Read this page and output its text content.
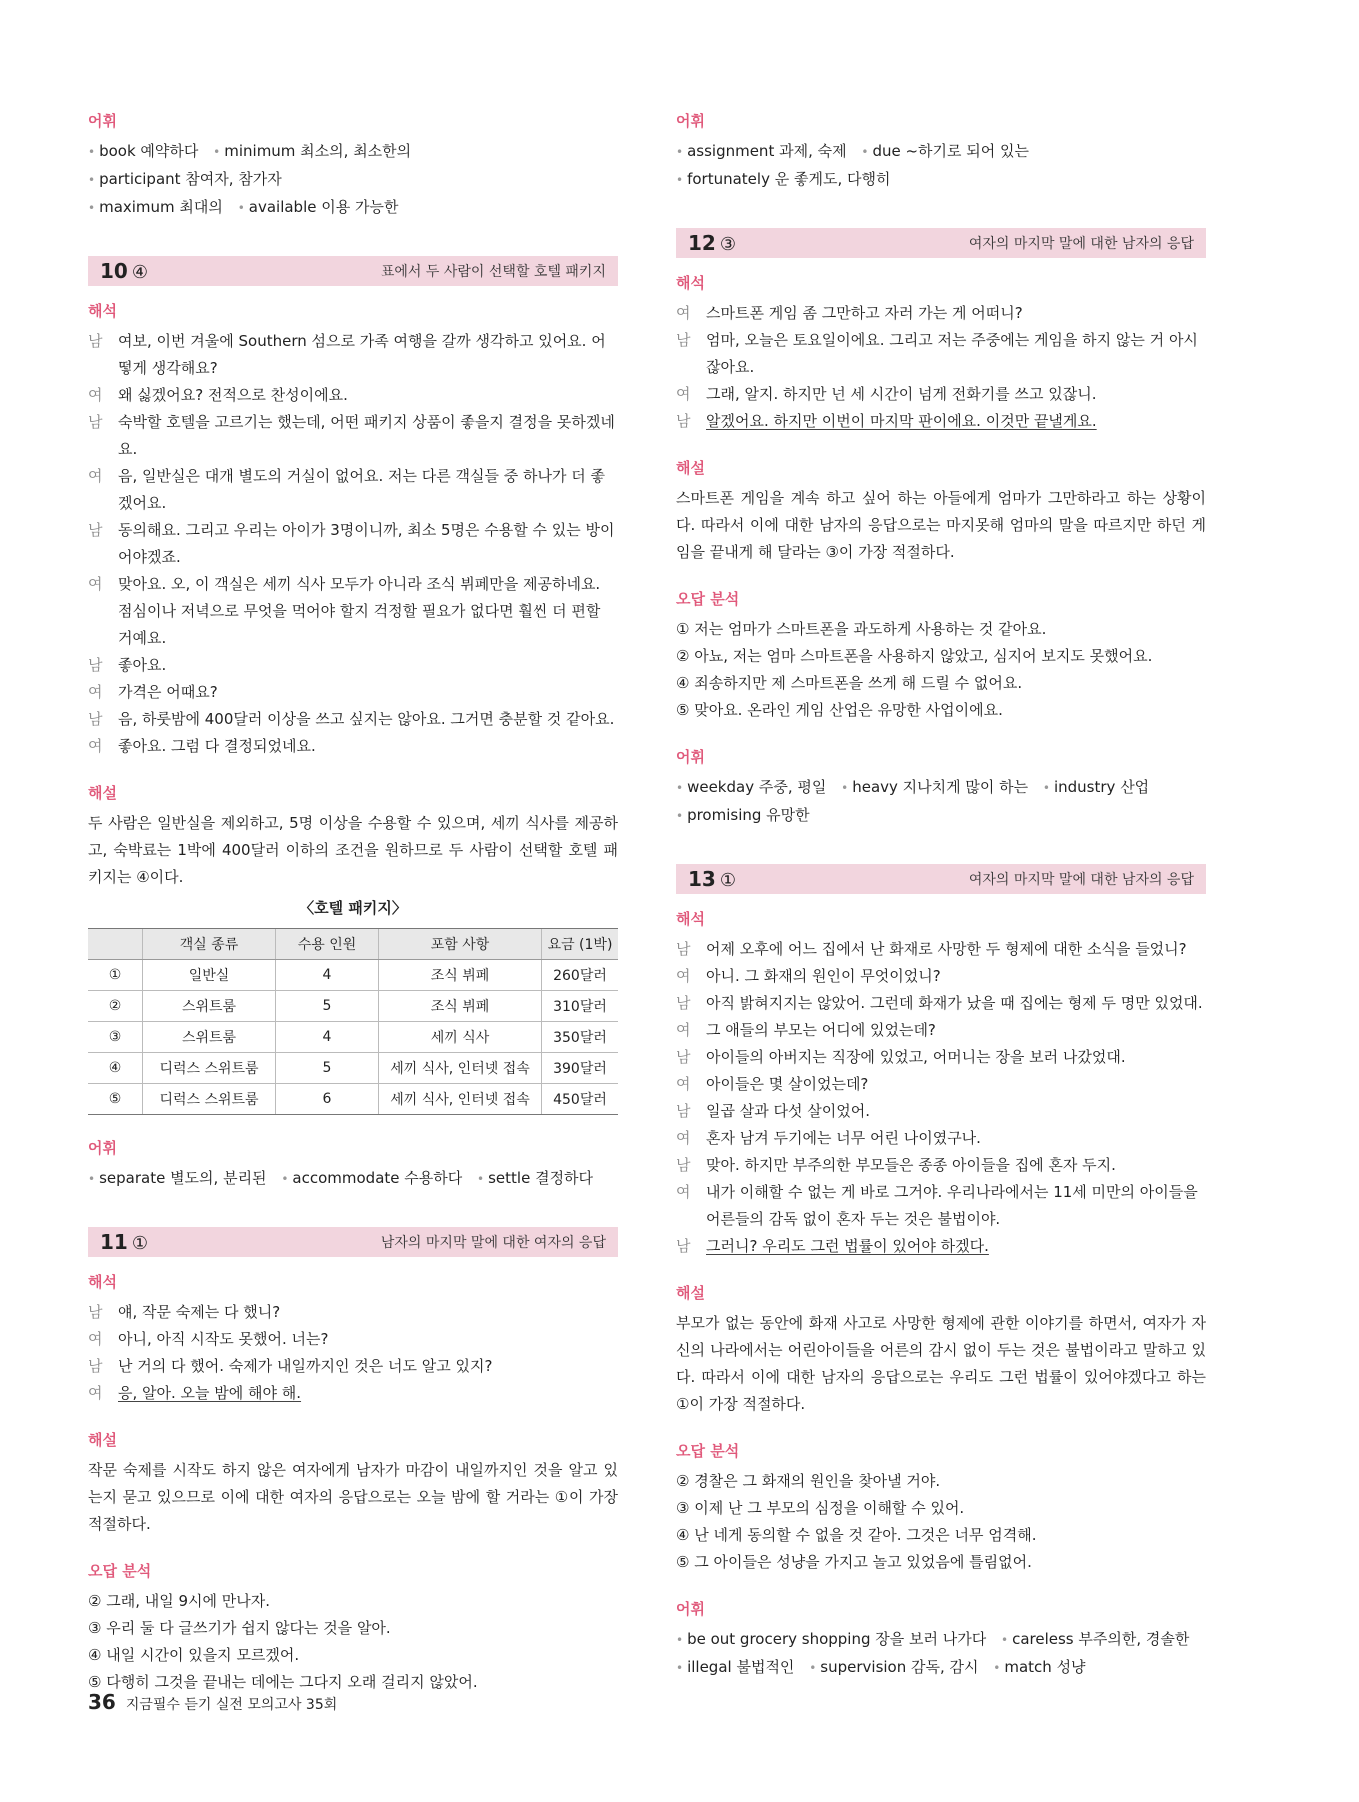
어휘

• book 예약하다 • minimum 최소의, 최소한의 • participant 참여자, 참가자
• maximum 최대의 • available 이용 가능한

10 ④	표에서 두 사람이 선택할 호텔 패키지
해석
남	여보, 이번 겨울에 Southern 섬으로 가족 여행을 갈까 생각하고 있어요. 어떻게 생각해요?
여	왜 싫겠어요? 전적으로 찬성이에요.
남	숙박할 호텔을 고르기는 했는데, 어떤 패키지 상품이 좋을지 결정을 못하겠네요.
여	음, 일반실은 대개 별도의 거실이 없어요. 저는 다른 객실들 중 하나가 더 좋겠어요.
남	동의해요. 그리고 우리는 아이가 3명이니까, 최소 5명은 수용할 수 있는 방이어야겠죠.
여	맞아요. 오, 이 객실은 세끼 식사 모두가 아니라 조식 뷔페만을 제공하네요. 점심이나 저녁으로 무엇을 먹어야 할지 걱정할 필요가 없다면 훨씬 더 편할 거예요.
남	좋아요.
여	가격은 어때요?
남	음, 하룻밤에 400달러 이상을 쓰고 싶지는 않아요. 그거면 충분할 것 같아요.
여	좋아요. 그럼 다 결정되었네요.
해설

두 사람은 일반실을 제외하고, 5명 이상을 수용할 수 있으며, 세끼 식사를 제공하고, 숙박료는 1박에 400달러 이하의 조건을 원하므로 두 사람이 선택할 호텔 패키지는 ④이다.

〈호텔 패키지〉
	객실 종류	수용 인원	포함 사항	요금 (1박)
①	일반실	4	조식 뷔페	260달러
②	스위트룸	5	조식 뷔페	310달러
③	스위트룸	4	세끼 식사	350달러
④	디럭스 스위트룸	5	세끼 식사, 인터넷 접속	390달러
⑤	디럭스 스위트룸	6	세끼 식사, 인터넷 접속	450달러
어휘

• separate 별도의, 분리된 • accommodate 수용하다 • settle 결정하다

11 ①	남자의 마지막 말에 대한 여자의 응답
해석
남	얘, 작문 숙제는 다 했니?
여	아니, 아직 시작도 못했어. 너는?
남	난 거의 다 했어. 숙제가 내일까지인 것은 너도 알고 있지?
여	응, 알아. 오늘 밤에 해야 해.
해설

작문 숙제를 시작도 하지 않은 여자에게 남자가 마감이 내일까지인 것을 알고 있는지 묻고 있으므로 이에 대한 여자의 응답으로는 오늘 밤에 할 거라는 ①이 가장 적절하다.

오답 분석
② 그래, 내일 9시에 만나자.
③ 우리 둘 다 글쓰기가 쉽지 않다는 것을 알아.
④ 내일 시간이 있을지 모르겠어.
⑤ 다행히 그것을 끝내는 데에는 그다지 오래 걸리지 않았어.
어휘

• assignment 과제, 숙제 • due ~하기로 되어 있는 • fortunately 운 좋게도, 다행히

12 ③	여자의 마지막 말에 대한 남자의 응답
해석
여	스마트폰 게임 좀 그만하고 자러 가는 게 어떠니?
남	엄마, 오늘은 토요일이에요. 그리고 저는 주중에는 게임을 하지 않는 거 아시잖아요.
여	그래, 알지. 하지만 넌 세 시간이 넘게 전화기를 쓰고 있잖니.
남	알겠어요. 하지만 이번이 마지막 판이에요. 이것만 끝낼게요.
해설

스마트폰 게임을 계속 하고 싶어 하는 아들에게 엄마가 그만하라고 하는 상황이다. 따라서 이에 대한 남자의 응답으로는 마지못해 엄마의 말을 따르지만 하던 게임을 끝내게 해 달라는 ③이 가장 적절하다.

오답 분석
① 저는 엄마가 스마트폰을 과도하게 사용하는 것 같아요.
② 아뇨, 저는 엄마 스마트폰을 사용하지 않았고, 심지어 보지도 못했어요.
④ 죄송하지만 제 스마트폰을 쓰게 해 드릴 수 없어요.
⑤ 맞아요. 온라인 게임 산업은 유망한 사업이에요.
어휘

• weekday 주중, 평일 • heavy 지나치게 많이 하는 • industry 산업
• promising 유망한

13 ①	여자의 마지막 말에 대한 남자의 응답
해석
남	어제 오후에 어느 집에서 난 화재로 사망한 두 형제에 대한 소식을 들었니?
여	아니. 그 화재의 원인이 무엇이었니?
남	아직 밝혀지지는 않았어. 그런데 화재가 났을 때 집에는 형제 두 명만 있었대.
여	그 애들의 부모는 어디에 있었는데?
남	아이들의 아버지는 직장에 있었고, 어머니는 장을 보러 나갔었대.
여	아이들은 몇 살이었는데?
남	일곱 살과 다섯 살이었어.
여	혼자 남겨 두기에는 너무 어린 나이였구나.
남	맞아. 하지만 부주의한 부모들은 종종 아이들을 집에 혼자 두지.
여	내가 이해할 수 없는 게 바로 그거야. 우리나라에서는 11세 미만의 아이들을 어른들의 감독 없이 혼자 두는 것은 불법이야.
남	그러니? 우리도 그런 법률이 있어야 하겠다.
해설

부모가 없는 동안에 화재 사고로 사망한 형제에 관한 이야기를 하면서, 여자가 자신의 나라에서는 어린아이들을 어른의 감시 없이 두는 것은 불법이라고 말하고 있다. 따라서 이에 대한 남자의 응답으로는 우리도 그런 법률이 있어야겠다고 하는 ①이 가장 적절하다.

오답 분석
② 경찰은 그 화재의 원인을 찾아낼 거야.
③ 이제 난 그 부모의 심정을 이해할 수 있어.
④ 난 네게 동의할 수 없을 것 같아. 그것은 너무 엄격해.
⑤ 그 아이들은 성냥을 가지고 놀고 있었음에 틀림없어.
어휘

• be out grocery shopping 장을 보러 나가다 • careless 부주의한, 경솔한
• illegal 불법적인 • supervision 감독, 감시 • match 성냥

36 지금필수 듣기 실전 모의고사 35회
